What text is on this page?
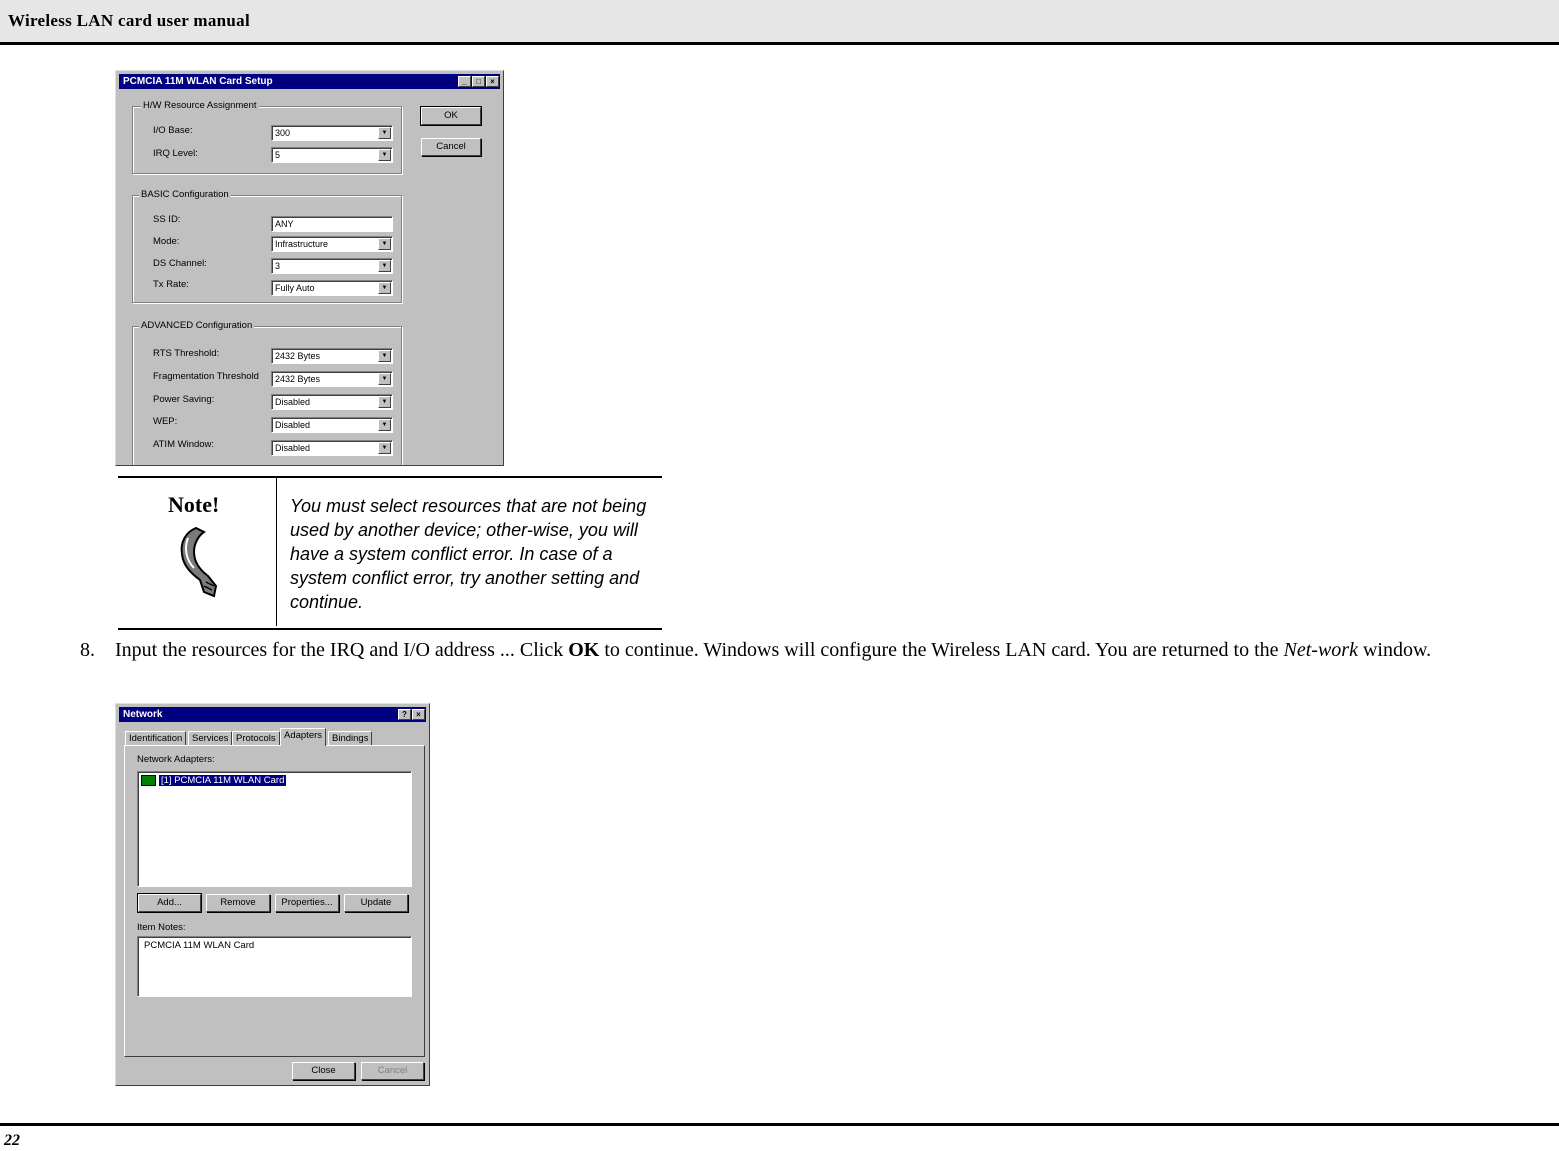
Wireless LAN card user manual
PCMCIA 11M WLAN Card Setup	_	□	×
H/W Resource Assignment
I/O Base:	300	▼
IRQ Level:	5	▼
OK
Cancel
BASIC Configuration
SS ID:	ANY
Mode:	Infrastructure	▼
DS Channel:	3	▼
Tx Rate:	Fully Auto	▼
ADVANCED Configuration
RTS Threshold:	2432 Bytes	▼
Fragmentation Threshold	2432 Bytes	▼
Power Saving:	Disabled	▼
WEP:	Disabled	▼
ATIM Window:	Disabled	▼
Note!	You must select resources that are not being used by another device; other-wise, you will have a system conflict error. In case of a system conflict error, try another setting and continue.
8. Input the resources for the IRQ and I/O address ... Click OK to continue. Windows will configure the Wireless LAN card. You are returned to the Net-work window.
Network	?	×
Identification	Services Protocols Adapters	Bindings
Network Adapters:
[1] PCMCIA 11M WLAN Card
Add...	Remove	Properties...	Update
Item Notes:
PCMCIA 11M WLAN Card
Close	Cancel
22
